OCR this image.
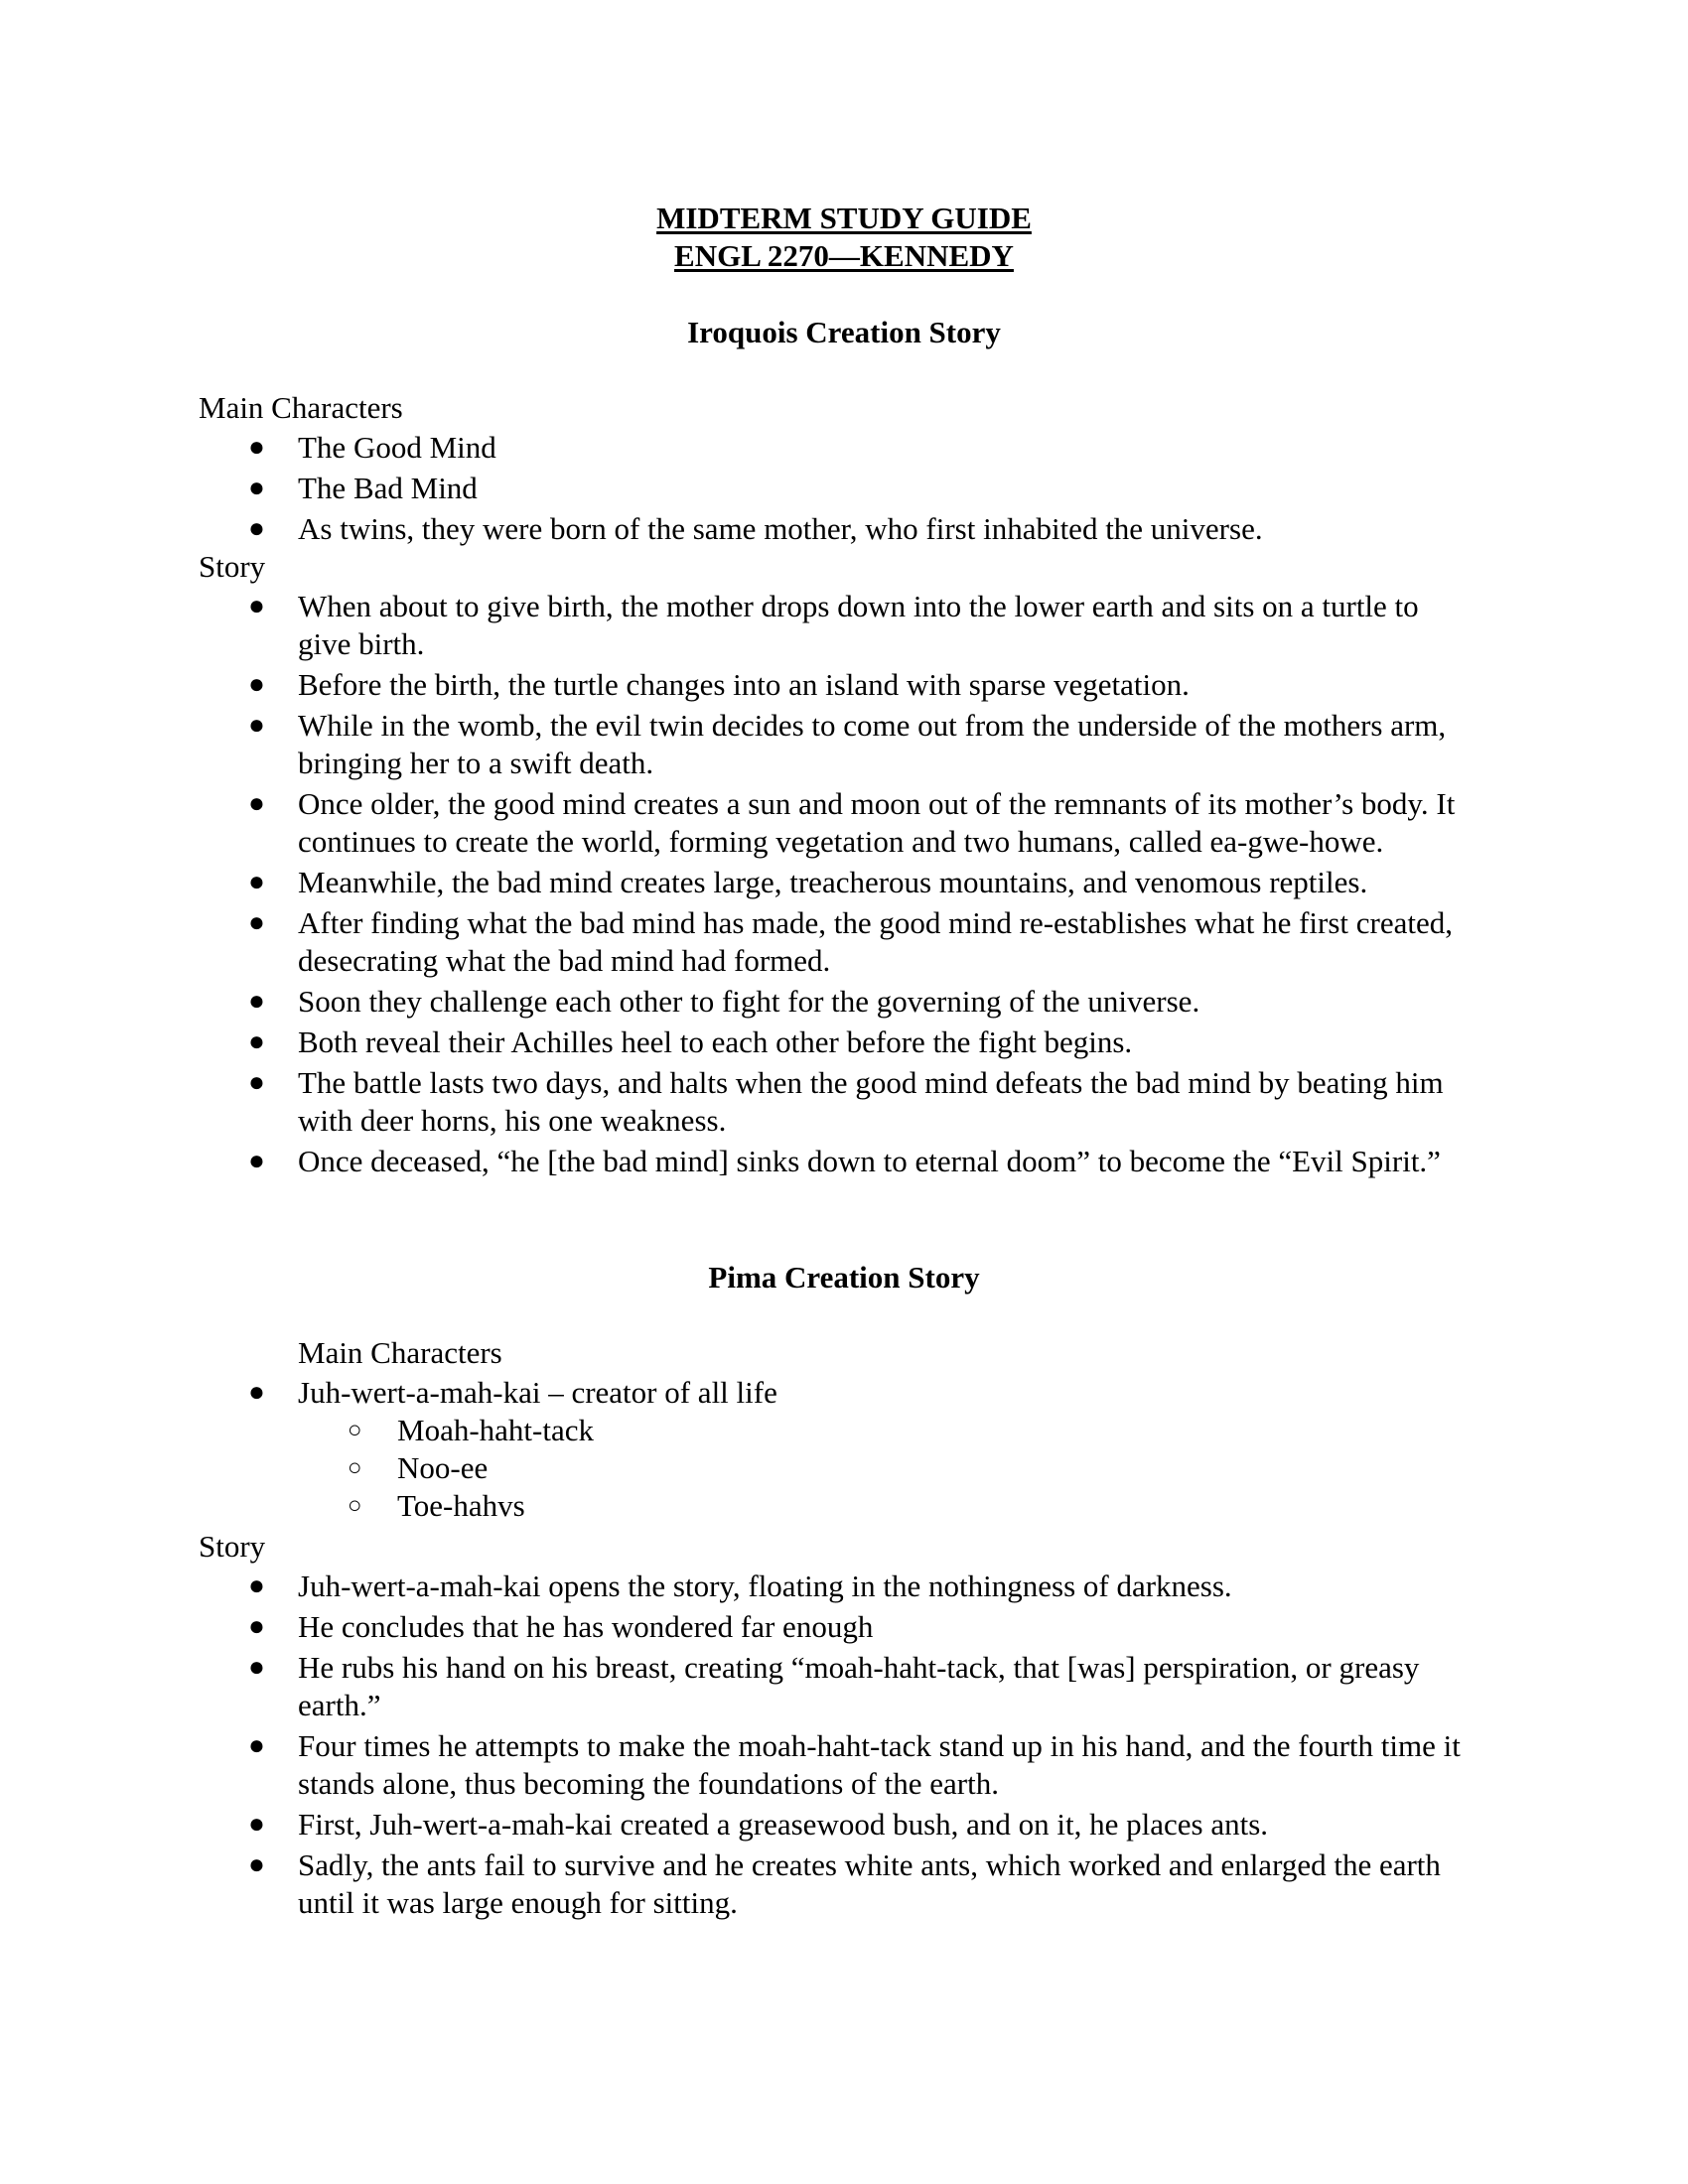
MIDTERM STUDY GUIDE
ENGL 2270—KENNEDY
Iroquois Creation Story
Main Characters
● The Good Mind
● The Bad Mind
● As twins, they were born of the same mother, who first inhabited the universe.
Story
● When about to give birth, the mother drops down into the lower earth and sits on a turtle to give birth.
● Before the birth, the turtle changes into an island with sparse vegetation.
● While in the womb, the evil twin decides to come out from the underside of the mothers arm, bringing her to a swift death.
● Once older, the good mind creates a sun and moon out of the remnants of its mother’s body. It continues to create the world, forming vegetation and two humans, called ea-gwe-howe.
● Meanwhile, the bad mind creates large, treacherous mountains, and venomous reptiles.
● After finding what the bad mind has made, the good mind re-establishes what he first created, desecrating what the bad mind had formed.
● Soon they challenge each other to fight for the governing of the universe.
● Both reveal their Achilles heel to each other before the fight begins.
● The battle lasts two days, and halts when the good mind defeats the bad mind by beating him with deer horns, his one weakness.
● Once deceased, “he [the bad mind] sinks down to eternal doom” to become the “Evil Spirit.”
Pima Creation Story
Main Characters
● Juh-wert-a-mah-kai – creator of all life
○ Moah-haht-tack
○ Noo-ee
○ Toe-hahvs
Story
● Juh-wert-a-mah-kai opens the story, floating in the nothingness of darkness.
● He concludes that he has wondered far enough
● He rubs his hand on his breast, creating “moah-haht-tack, that [was] perspiration, or greasy earth.”
● Four times he attempts to make the moah-haht-tack stand up in his hand, and the fourth time it stands alone, thus becoming the foundations of the earth.
● First, Juh-wert-a-mah-kai created a greasewood bush, and on it, he places ants.
● Sadly, the ants fail to survive and he creates white ants, which worked and enlarged the earth until it was large enough for sitting.
